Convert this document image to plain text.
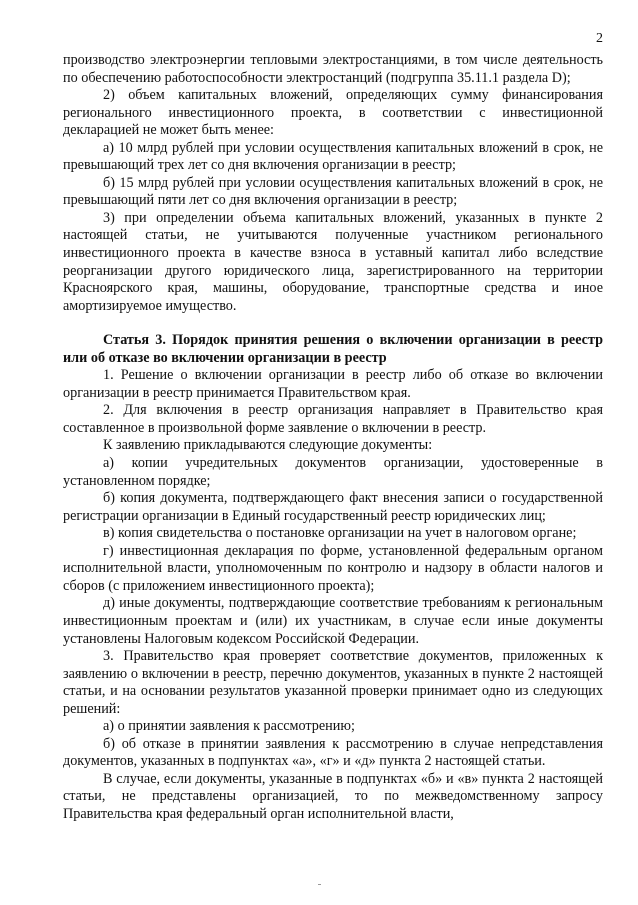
2

производство электроэнергии тепловыми электростанциями, в том числе деятельность по обеспечению работоспособности электростанций (подгруппа 35.11.1 раздела D);

2) объем капитальных вложений, определяющих сумму финансирования регионального инвестиционного проекта, в соответствии с инвестиционной декларацией не может быть менее:

а) 10 млрд рублей при условии осуществления капитальных вложений в срок, не превышающий трех лет со дня включения организации в реестр;

б) 15 млрд рублей при условии осуществления капитальных вложений в срок, не превышающий пяти лет со дня включения организации в реестр;

3) при определении объема капитальных вложений, указанных в пункте 2 настоящей статьи, не учитываются полученные участником регионального инвестиционного проекта в качестве взноса в уставный капитал либо вследствие реорганизации другого юридического лица, зарегистрированного на территории Красноярского края, машины, оборудование, транспортные средства и иное амортизируемое имущество.

Статья 3. Порядок принятия решения о включении организации в реестр или об отказе во включении организации в реестр

1. Решение о включении организации в реестр либо об отказе во включении организации в реестр принимается Правительством края.

2. Для включения в реестр организация направляет в Правительство края составленное в произвольной форме заявление о включении в реестр.

К заявлению прикладываются следующие документы:

а) копии учредительных документов организации, удостоверенные в установленном порядке;

б) копия документа, подтверждающего факт внесения записи о государственной регистрации организации в Единый государственный реестр юридических лиц;

в) копия свидетельства о постановке организации на учет в налоговом органе;

г) инвестиционная декларация по форме, установленной федеральным органом исполнительной власти, уполномоченным по контролю и надзору в области налогов и сборов (с приложением инвестиционного проекта);

д) иные документы, подтверждающие соответствие требованиям к региональным инвестиционным проектам и (или) их участникам, в случае если иные документы установлены Налоговым кодексом Российской Федерации.

3. Правительство края проверяет соответствие документов, приложенных к заявлению о включении в реестр, перечню документов, указанных в пункте 2 настоящей статьи, и на основании результатов указанной проверки принимает одно из следующих решений:

а) о принятии заявления к рассмотрению;

б) об отказе в принятии заявления к рассмотрению в случае непредставления документов, указанных в подпунктах «а», «г» и «д» пункта 2 настоящей статьи.

В случае, если документы, указанные в подпунктах «б» и «в» пункта 2 настоящей статьи, не представлены организацией, то по межведомственному запросу Правительства края федеральный орган исполнительной власти,
